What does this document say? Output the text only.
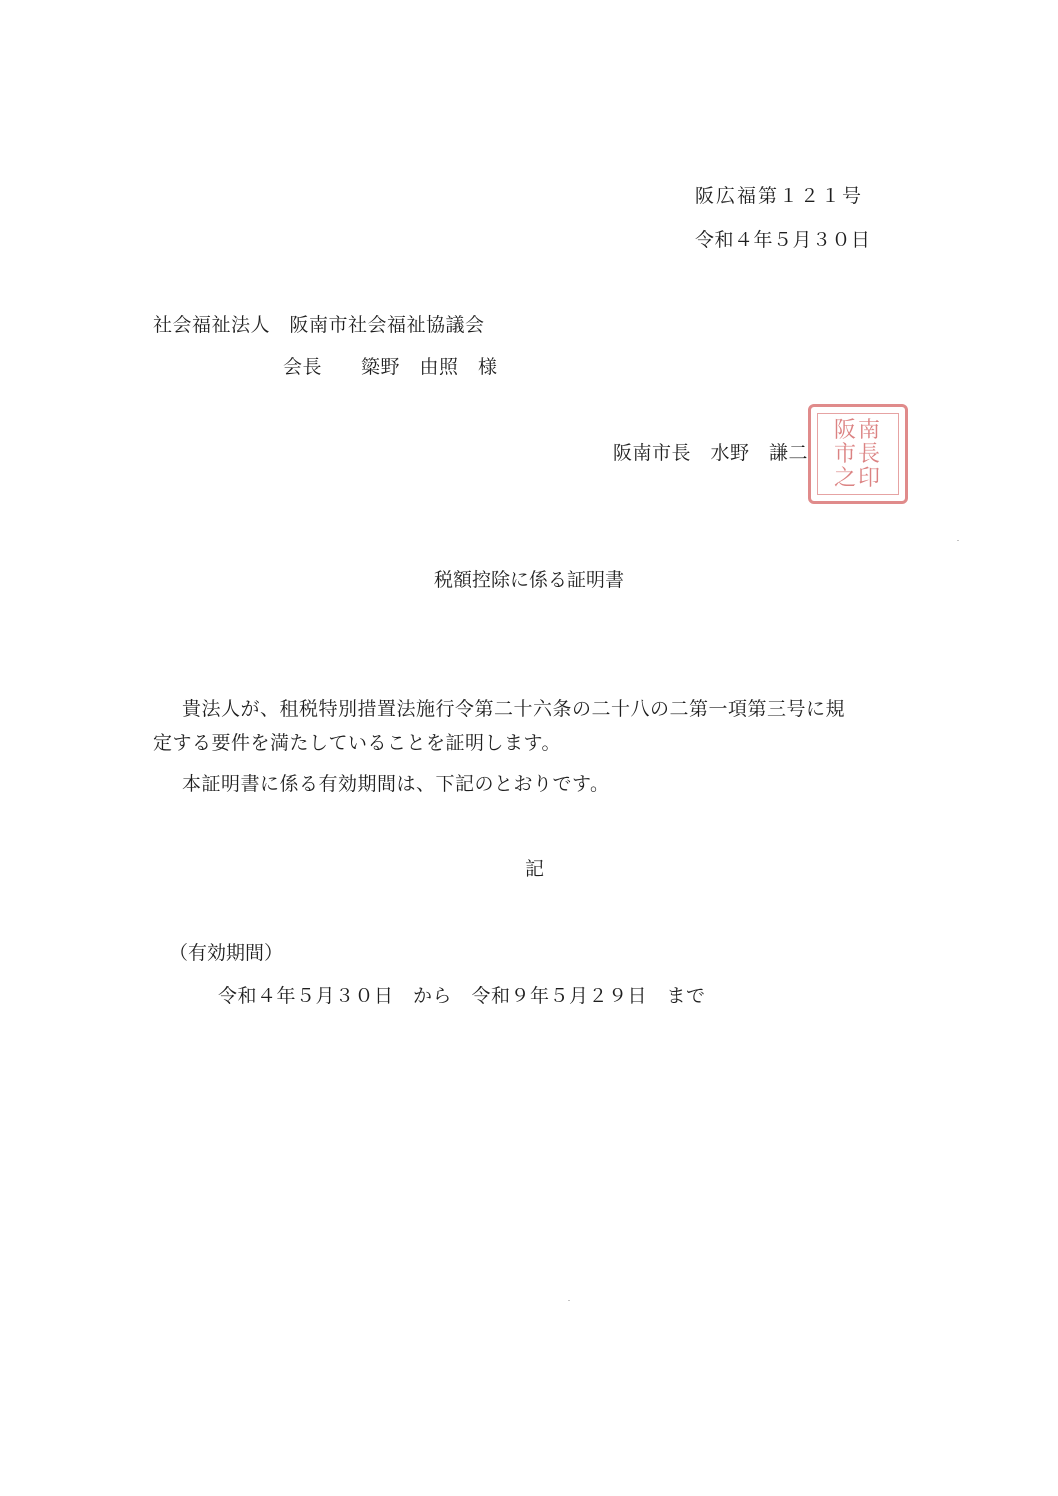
阪広福第１２１号
令和４年５月３０日
社会福祉法人　阪南市社会福祉協議会
会長　　簗野　由照　様
阪南市長　水野　謙二
阪南
市長
之印
税額控除に係る証明書
貴法人が、租税特別措置法施行令第二十六条の二十八の二第一項第三号に規
定する要件を満たしていることを証明します。
本証明書に係る有効期間は、下記のとおりです。
記
（有効期間）
令和４年５月３０日　から　令和９年５月２９日　まで
